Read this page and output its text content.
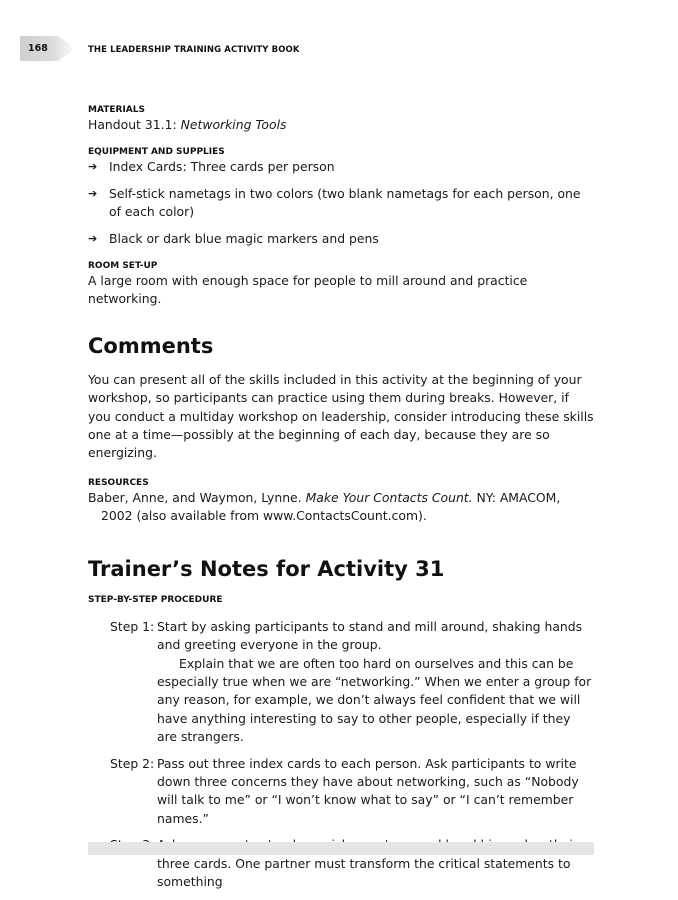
168	THE LEADERSHIP TRAINING ACTIVITY BOOK

MATERIALS

Handout 31.1: Networking Tools

EQUIPMENT AND SUPPLIES

➔ Index Cards: Three cards per person
➔ Self-stick nametags in two colors (two blank nametags for each person, one of each color)
➔ Black or dark blue magic markers and pens

ROOM SET-UP

A large room with enough space for people to mill around and practice networking.

Comments

You can present all of the skills included in this activity at the beginning of your workshop, so participants can practice using them during breaks. However, if you conduct a multiday workshop on leadership, consider introducing these skills one at a time—possibly at the beginning of each day, because they are so energizing.

RESOURCES

Baber, Anne, and Waymon, Lynne. Make Your Contacts Count. NY: AMACOM, 2002 (also available from www.ContactsCount.com).

Trainer’s Notes for Activity 31

STEP-BY-STEP PROCEDURE

Step 1: Start by asking participants to stand and mill around, shaking hands and greeting everyone in the group.

Explain that we are often too hard on ourselves and this can be especially true when we are “networking.” When we enter a group for any reason, for example, we don’t always feel confident that we will have anything interesting to say to other people, especially if they are strangers.

Step 2: Pass out three index cards to each person. Ask participants to write down three concerns they have about networking, such as “Nobody will talk to me” or “I won’t know what to say” or “I can’t remember names.”

three cards. One partner must transform the critical statements to something
